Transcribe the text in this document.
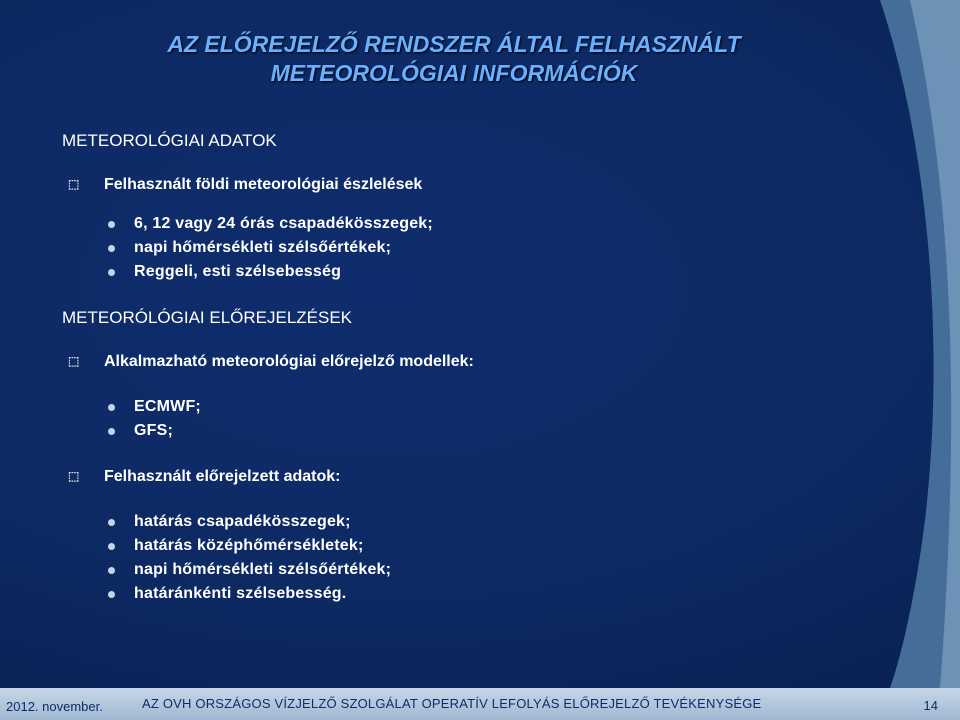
AZ ELŐREJELZŐ RENDSZER ÁLTAL FELHASZNÁLT
METEOROLÓGIAI INFORMÁCIÓK

METEOROLÓGIAI ADATOK

⬚ Felhasznált földi meteorológiai észlelések
6, 12 vagy 24 órás csapadékösszegek;
napi hőmérsékleti szélsőértékek;
Reggeli, esti szélsebesség

METEORÓLÓGIAI ELŐREJELZÉSEK

⬚ Alkalmazható meteorológiai előrejelző modellek:
ECMWF;
GFS;
⬚ Felhasznált előrejelzett adatok:
határás csapadékösszegek;
határás középhőmérsékletek;
napi hőmérsékleti szélsőértékek;
határánkénti szélsebesség.
2012. november.	AZ OVH ORSZÁGOS VÍZJELZŐ SZOLGÁLAT OPERATÍV LEFOLYÁS ELŐREJELZŐ TEVÉKENYSÉGE	14
